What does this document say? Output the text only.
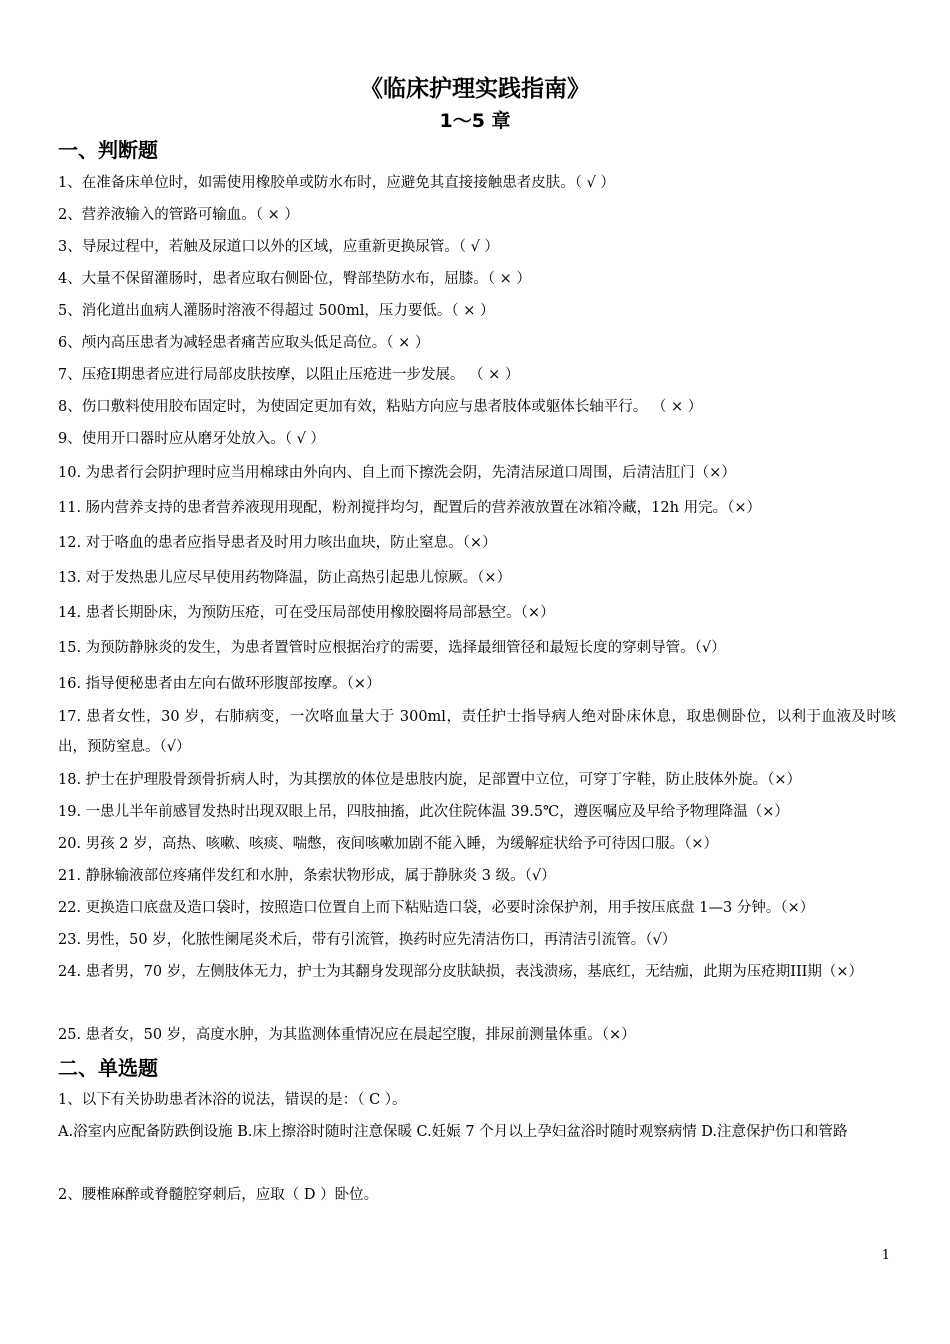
《临床护理实践指南》
1～5 章
一、判断题

1、在准备床单位时，如需使用橡胶单或防水布时，应避免其直接接触患者皮肤。（ √ ）

2、营养液输入的管路可输血。（ × ）

3、导尿过程中，若触及尿道口以外的区域，应重新更换尿管。（ √ ）

4、大量不保留灌肠时，患者应取右侧卧位，臀部垫防水布，屈膝。（ × ）

5、消化道出血病人灌肠时溶液不得超过 500ml，压力要低。（ × ）

6、颅内高压患者为减轻患者痛苦应取头低足高位。（ × ）

7、压疮Ⅰ期患者应进行局部皮肤按摩，以阻止压疮进一步发展。 （ × ）

8、伤口敷料使用胶布固定时，为使固定更加有效，粘贴方向应与患者肢体或躯体长轴平行。 （ × ）

9、使用开口器时应从磨牙处放入。（ √ ）

10. 为患者行会阴护理时应当用棉球由外向内、自上而下擦洗会阴，先清洁尿道口周围，后清洁肛门（×）

11. 肠内营养支持的患者营养液现用现配，粉剂搅拌均匀，配置后的营养液放置在冰箱冷藏，12h 用完。（×）

12. 对于咯血的患者应指导患者及时用力咳出血块，防止窒息。（×）

13. 对于发热患儿应尽早使用药物降温，防止高热引起患儿惊厥。（×）

14. 患者长期卧床，为预防压疮，可在受压局部使用橡胶圈将局部悬空。（×）

15. 为预防静脉炎的发生，为患者置管时应根据治疗的需要，选择最细管径和最短长度的穿刺导管。（√）

16. 指导便秘患者由左向右做环形腹部按摩。（×）

17. 患者女性，30 岁，右肺病变，一次咯血量大于 300ml，责任护士指导病人绝对卧床休息，取患侧卧位，以利于血液及时咳出，预防窒息。（√）

18. 护士在护理股骨颈骨折病人时，为其摆放的体位是患肢内旋，足部置中立位，可穿丁字鞋，防止肢体外旋。（×）

19. 一患儿半年前感冒发热时出现双眼上吊，四肢抽搐，此次住院体温 39.5℃，遵医嘱应及早给予物理降温（×）

20. 男孩 2 岁，高热、咳嗽、咳痰、喘憋，夜间咳嗽加剧不能入睡，为缓解症状给予可待因口服。（×）

21. 静脉输液部位疼痛伴发红和水肿，条索状物形成，属于静脉炎 3 级。（√）

22. 更换造口底盘及造口袋时，按照造口位置自上而下粘贴造口袋，必要时涂保护剂，用手按压底盘 1—3 分钟。（×）

23. 男性，50 岁，化脓性阑尾炎术后，带有引流管，换药时应先清洁伤口，再清洁引流管。（√）

24. 患者男，70 岁，左侧肢体无力，护士为其翻身发现部分皮肤缺损，表浅溃疡，基底红，无结痂，此期为压疮期III期（×）

25. 患者女，50 岁，高度水肿，为其监测体重情况应在晨起空腹，排尿前测量体重。（×）

二、单选题

1、以下有关协助患者沐浴的说法，错误的是：（ C ）。

A.浴室内应配备防跌倒设施 B.床上擦浴时随时注意保暖 C.妊娠 7 个月以上孕妇盆浴时随时观察病情 D.注意保护伤口和管路

2、腰椎麻醉或脊髓腔穿刺后，应取（ D ）卧位。

1
